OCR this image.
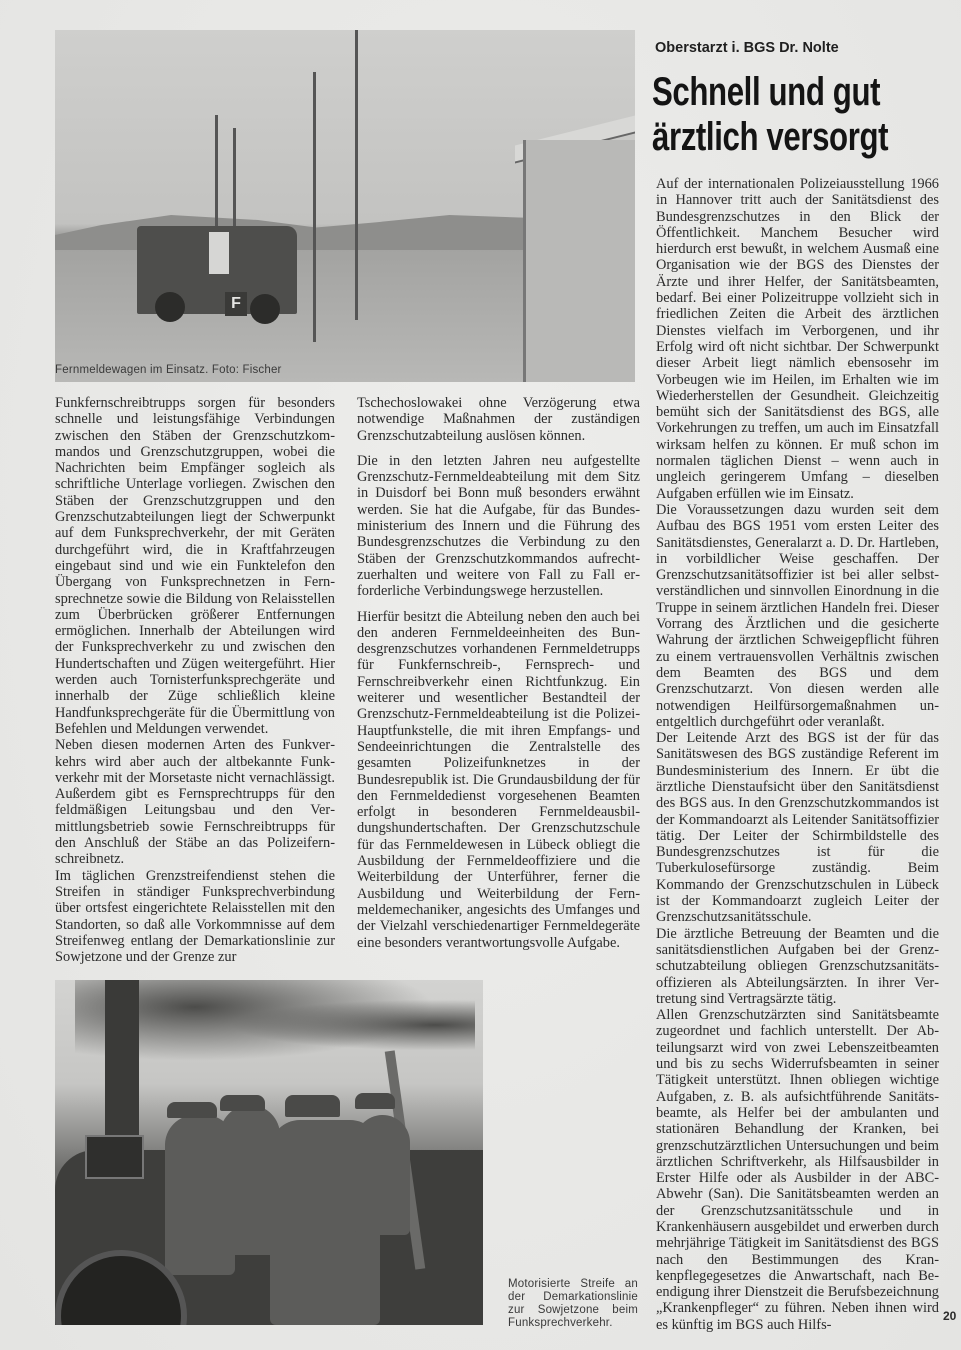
F
Fernmeldewagen im Einsatz. Foto: Fischer
Oberstarzt i. BGS Dr. Nolte
Schnell und gut
ärztlich versorgt

Funkfernschreibtrupps sorgen für besonders schnelle und leistungsfähige Verbindungen zwischen den Stäben der Grenzschutzkommandos und Grenzschutzgruppen, wobei die Nachrichten beim Empfänger sogleich als schriftliche Unterlage vorliegen. Zwischen den Stäben der Grenzschutzgruppen und den Grenzschutzabteilungen liegt der Schwerpunkt auf dem Funksprechverkehr, der mit Geräten durchgeführt wird, die in Kraftfahrzeugen eingebaut sind und wie ein Funktelefon den Übergang von Funksprechnetzen in Fernsprechnetze sowie die Bildung von Relaisstellen zum Überbrücken größerer Entfernungen ermöglichen. Innerhalb der Abteilungen wird der Funksprechverkehr zu und zwischen den Hundertschaften und Zügen weitergeführt. Hier werden auch Tornisterfunksprechgeräte und innerhalb der Züge schließlich kleine Handfunksprechgeräte für die Übermittlung von Befehlen und Meldungen verwendet.

Neben diesen modernen Arten des Funkverkehrs wird aber auch der altbekannte Funkverkehr mit der Morsetaste nicht vernachlässigt. Außerdem gibt es Fernsprechtrupps für den feldmäßigen Leitungsbau und den Vermittlungsbetrieb sowie Fernschreibtrupps für den Anschluß der Stäbe an das Polizeifernschreibnetz.

Im täglichen Grenzstreifendienst stehen die Streifen in ständiger Funksprechverbindung über ortsfest eingerichtete Relaisstellen mit den Standorten, so daß alle Vorkommnisse auf dem Streifenweg entlang der Demarkationslinie zur Sowjetzone und der Grenze zur

Tschechoslowakei ohne Verzögerung etwa notwendige Maßnahmen der zuständigen Grenzschutzabteilung auslösen können.

Die in den letzten Jahren neu aufgestellte Grenzschutz-Fernmeldeabteilung mit dem Sitz in Duisdorf bei Bonn muß besonders erwähnt werden. Sie hat die Aufgabe, für das Bundesministerium des Innern und die Führung des Bundesgrenzschutzes die Verbindung zu den Stäben der Grenzschutzkommandos aufrechtzuerhalten und weitere von Fall zu Fall erforderliche Verbindungswege herzustellen.

Hierfür besitzt die Abteilung neben den auch bei den anderen Fernmeldeeinheiten des Bundesgrenzschutzes vorhandenen Fernmeldetrupps für Funkfernschreib-, Fernsprech- und Fernschreibverkehr einen Richtfunkzug. Ein weiterer und wesentlicher Bestandteil der Grenzschutz-Fernmeldeabteilung ist die Polizei-Hauptfunkstelle, die mit ihren Empfangs- und Sendeeinrichtungen die Zentralstelle des gesamten Polizeifunknetzes in der Bundesrepublik ist. Die Grundausbildung der für den Fernmeldedienst vorgesehenen Beamten erfolgt in besonderen Fernmeldeausbildungshundertschaften. Der Grenzschutzschule für das Fernmeldewesen in Lübeck obliegt die Ausbildung der Fernmeldeoffiziere und die Weiterbildung der Unterführer, ferner die Ausbildung und Weiterbildung der Fernmeldemechaniker, angesichts des Umfanges und der Vielzahl verschiedenartiger Fernmeldegeräte eine besonders verantwortungsvolle Aufgabe.

Auf der internationalen Polizeiausstellung 1966 in Hannover tritt auch der Sanitätsdienst des Bundesgrenzschutzes in den Blick der Öffentlichkeit. Manchem Besucher wird hierdurch erst bewußt, in welchem Ausmaß eine Organisation wie der BGS des Dienstes der Ärzte und ihrer Helfer, der Sanitätsbeamten, bedarf. Bei einer Polizeitruppe vollzieht sich in friedlichen Zeiten die Arbeit des ärztlichen Dienstes vielfach im Verborgenen, und ihr Erfolg wird oft nicht sichtbar. Der Schwerpunkt dieser Arbeit liegt nämlich ebensosehr im Vorbeugen wie im Heilen, im Erhalten wie im Wiederherstellen der Gesundheit. Gleichzeitig bemüht sich der Sanitätsdienst des BGS, alle Vorkehrungen zu treffen, um auch im Einsatzfall wirksam helfen zu können. Er muß schon im normalen täglichen Dienst – wenn auch in ungleich geringerem Umfang – dieselben Aufgaben erfüllen wie im Einsatz.

Die Voraussetzungen dazu wurden seit dem Aufbau des BGS 1951 vom ersten Leiter des Sanitätsdienstes, Generalarzt a. D. Dr. Hartleben, in vorbildlicher Weise geschaffen. Der Grenzschutzsanitätsoffizier ist bei aller selbstverständlichen und sinnvollen Einordnung in die Truppe in seinem ärztlichen Handeln frei. Dieser Vorrang des Ärztlichen und die gesicherte Wahrung der ärztlichen Schweigepflicht führen zu einem vertrauensvollen Verhältnis zwischen dem Beamten des BGS und dem Grenzschutzarzt. Von diesen werden alle notwendigen Heilfürsorgemaßnahmen unentgeltlich durchgeführt oder veranlaßt.

Der Leitende Arzt des BGS ist der für das Sanitätswesen des BGS zuständige Referent im Bundesministerium des Innern. Er übt die ärztliche Dienstaufsicht über den Sanitätsdienst des BGS aus. In den Grenzschutzkommandos ist der Kommandoarzt als Leitender Sanitätsoffizier tätig. Der Leiter der Schirmbildstelle des Bundesgrenzschutzes ist für die Tuberkulosefürsorge zuständig. Beim Kommando der Grenzschutzschulen in Lübeck ist der Kommandoarzt zugleich Leiter der Grenzschutzsanitätsschule.

Die ärztliche Betreuung der Beamten und die sanitätsdienstlichen Aufgaben bei der Grenzschutzabteilung obliegen Grenzschutzsanitätsoffizieren als Abteilungsärzten. In ihrer Vertretung sind Vertragsärzte tätig.

Allen Grenzschutzärzten sind Sanitätsbeamte zugeordnet und fachlich unterstellt. Der Abteilungsarzt wird von zwei Lebenszeitbeamten und bis zu sechs Widerrufsbeamten in seiner Tätigkeit unterstützt. Ihnen obliegen wichtige Aufgaben, z. B. als aufsichtführende Sanitätsbeamte, als Helfer bei der ambulanten und stationären Behandlung der Kranken, bei grenzschutzärztlichen Untersuchungen und beim ärztlichen Schriftverkehr, als Hilfsausbilder in Erster Hilfe oder als Ausbilder in der ABC-Abwehr (San). Die Sanitätsbeamten werden an der Grenzschutzsanitätsschule und in Krankenhäusern ausgebildet und erwerben durch mehrjährige Tätigkeit im Sanitätsdienst des BGS nach den Bestimmungen des Krankenpflegegesetzes die Anwartschaft, nach Beendigung ihrer Dienstzeit die Berufsbezeichnung „Krankenpfleger“ zu führen. Neben ihnen wird es künftig im BGS auch Hilfs-

Motorisierte Streife an der Demarkationslinie zur Sowjetzone beim Funksprechverkehr.	20
